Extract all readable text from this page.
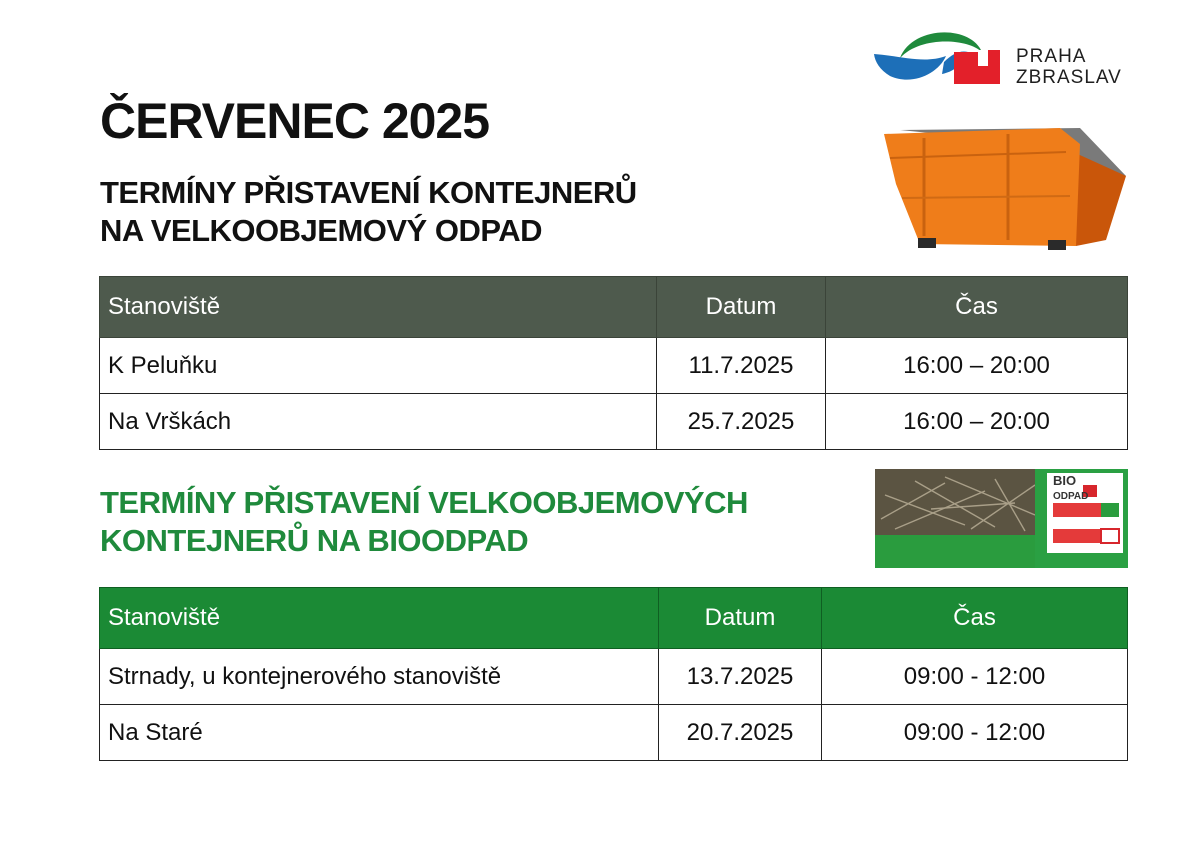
PRAHA
ZBRASLAV
ČERVENEC 2025
TERMÍNY PŘISTAVENÍ KONTEJNERŮ
NA VELKOOBJEMOVÝ ODPAD
Stanoviště	Datum	Čas
K Peluňku	11.7.2025	16:00 – 20:00
Na Vrškách	25.7.2025	16:00 – 20:00
TERMÍNY PŘISTAVENÍ VELKOOBJEMOVÝCH
KONTEJNERŮ NA BIOODPAD
BIO
ODPAD
Stanoviště	Datum	Čas
Strnady, u kontejnerového stanoviště	13.7.2025	09:00 - 12:00
Na Staré	20.7.2025	09:00 - 12:00
